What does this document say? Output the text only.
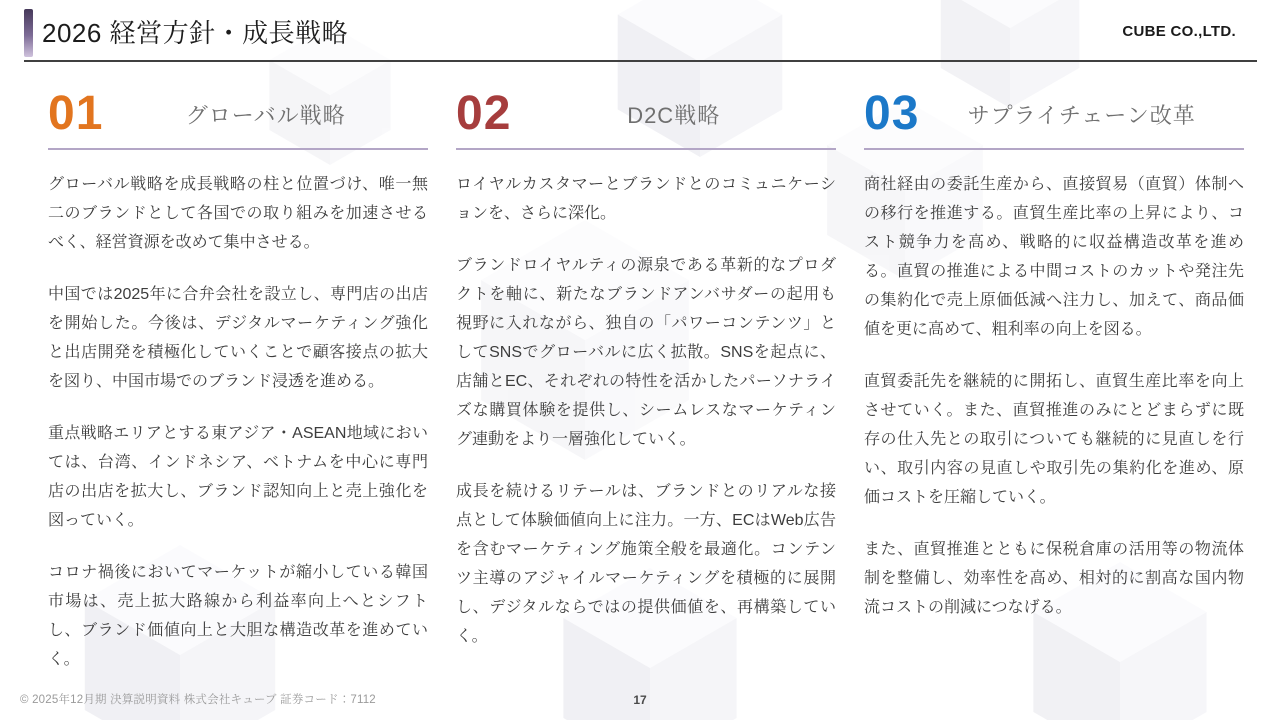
2026 経営方針・成長戦略	CUBE CO.,LTD.
01	グローバル戦略

グローバル戦略を成長戦略の柱と位置づけ、唯一無二のブランドとして各国での取り組みを加速させるべく、経営資源を改めて集中させる。

中国では2025年に合弁会社を設立し、専門店の出店を開始した。今後は、デジタルマーケティング強化と出店開発を積極化していくことで顧客接点の拡大を図り、中国市場でのブランド浸透を進める。

重点戦略エリアとする東アジア・ASEAN地域においては、台湾、インドネシア、ベトナムを中心に専門店の出店を拡大し、ブランド認知向上と売上強化を図っていく。

コロナ禍後においてマーケットが縮小している韓国市場は、売上拡大路線から利益率向上へとシフトし、ブランド価値向上と大胆な構造改革を進めていく。

02	D2C戦略

ロイヤルカスタマーとブランドとのコミュニケーションを、さらに深化。

ブランドロイヤルティの源泉である革新的なプロダクトを軸に、新たなブランドアンバサダーの起用も視野に入れながら、独自の「パワーコンテンツ」としてSNSでグローバルに広く拡散。SNSを起点に、店舗とEC、それぞれの特性を活かしたパーソナライズな購買体験を提供し、シームレスなマーケティング連動をより一層強化していく。

成長を続けるリテールは、ブランドとのリアルな接点として体験価値向上に注力。一方、ECはWeb広告を含むマーケティング施策全般を最適化。コンテンツ主導のアジャイルマーケティングを積極的に展開し、デジタルならではの提供価値を、再構築していく。

03	サプライチェーン改革

商社経由の委託生産から、直接貿易（直貿）体制への移行を推進する。直貿生産比率の上昇により、コスト競争力を高め、戦略的に収益構造改革を進める。直貿の推進による中間コストのカットや発注先の集約化で売上原価低減へ注力し、加えて、商品価値を更に高めて、粗利率の向上を図る。

直貿委託先を継続的に開拓し、直貿生産比率を向上させていく。また、直貿推進のみにとどまらずに既存の仕入先との取引についても継続的に見直しを行い、取引内容の見直しや取引先の集約化を進め、原価コストを圧縮していく。

また、直貿推進とともに保税倉庫の活用等の物流体制を整備し、効率性を高め、相対的に割高な国内物流コストの削減につなげる。

© 2025年12月期 決算説明資料 株式会社キューブ 証券コード：7112	17
